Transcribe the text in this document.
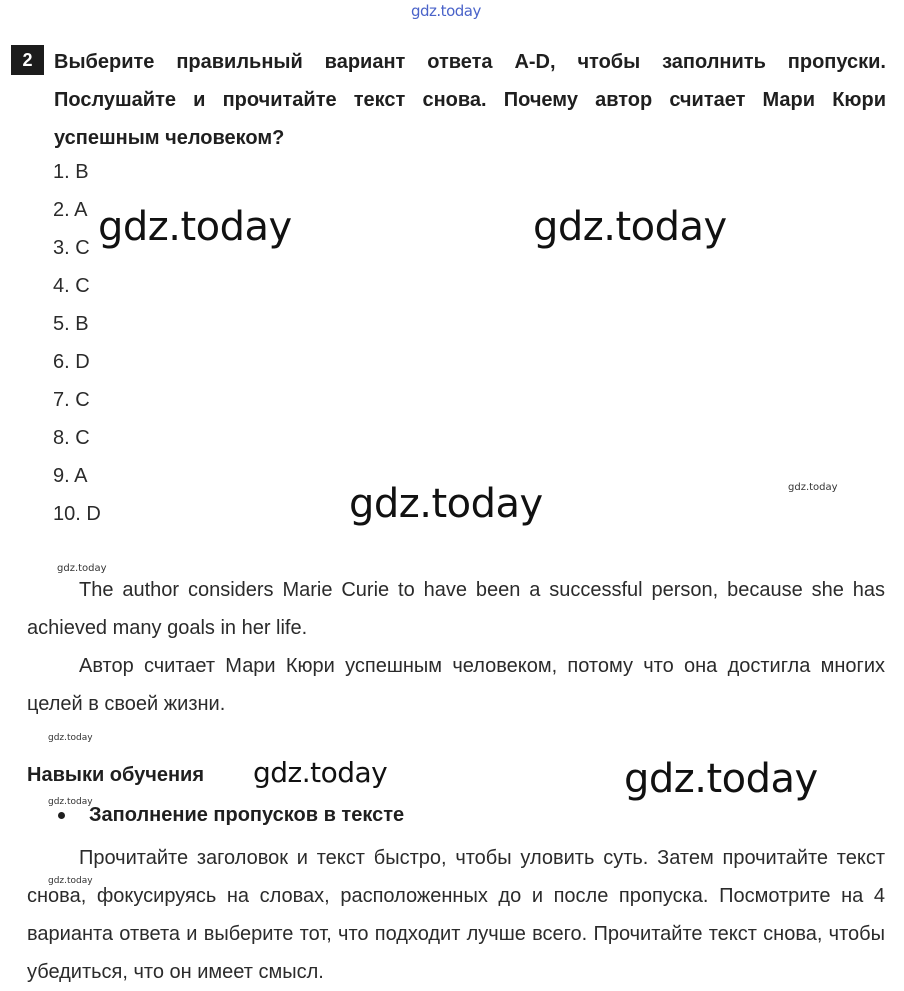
gdz.today
gdz.today	gdz.today
gdz.today
gdz.today
gdz.today
gdz.today
gdz.today
gdz.today
gdz.today
gdz.today
2	Выберите правильный вариант ответа A-D, чтобы заполнить пропуски. Послушайте и прочитайте текст снова. Почему автор считает Мари Кюри успешным человеком?
1. B
2. A
3. C
4. C
5. B
6. D
7. C
8. C
9. A
10. D

The author considers Marie Curie to have been a successful person, because she has achieved many goals in her life.

Автор считает Мари Кюри успешным человеком, потому что она достигла многих целей в своей жизни.

Навыки обучения
Заполнение пропусков в тексте

Прочитайте заголовок и текст быстро, чтобы уловить суть. Затем прочитайте текст снова, фокусируясь на словах, расположенных до и после пропуска. Посмотрите на 4 варианта ответа и выберите тот, что подходит лучше всего. Прочитайте текст снова, чтобы убедиться, что он имеет смысл.
